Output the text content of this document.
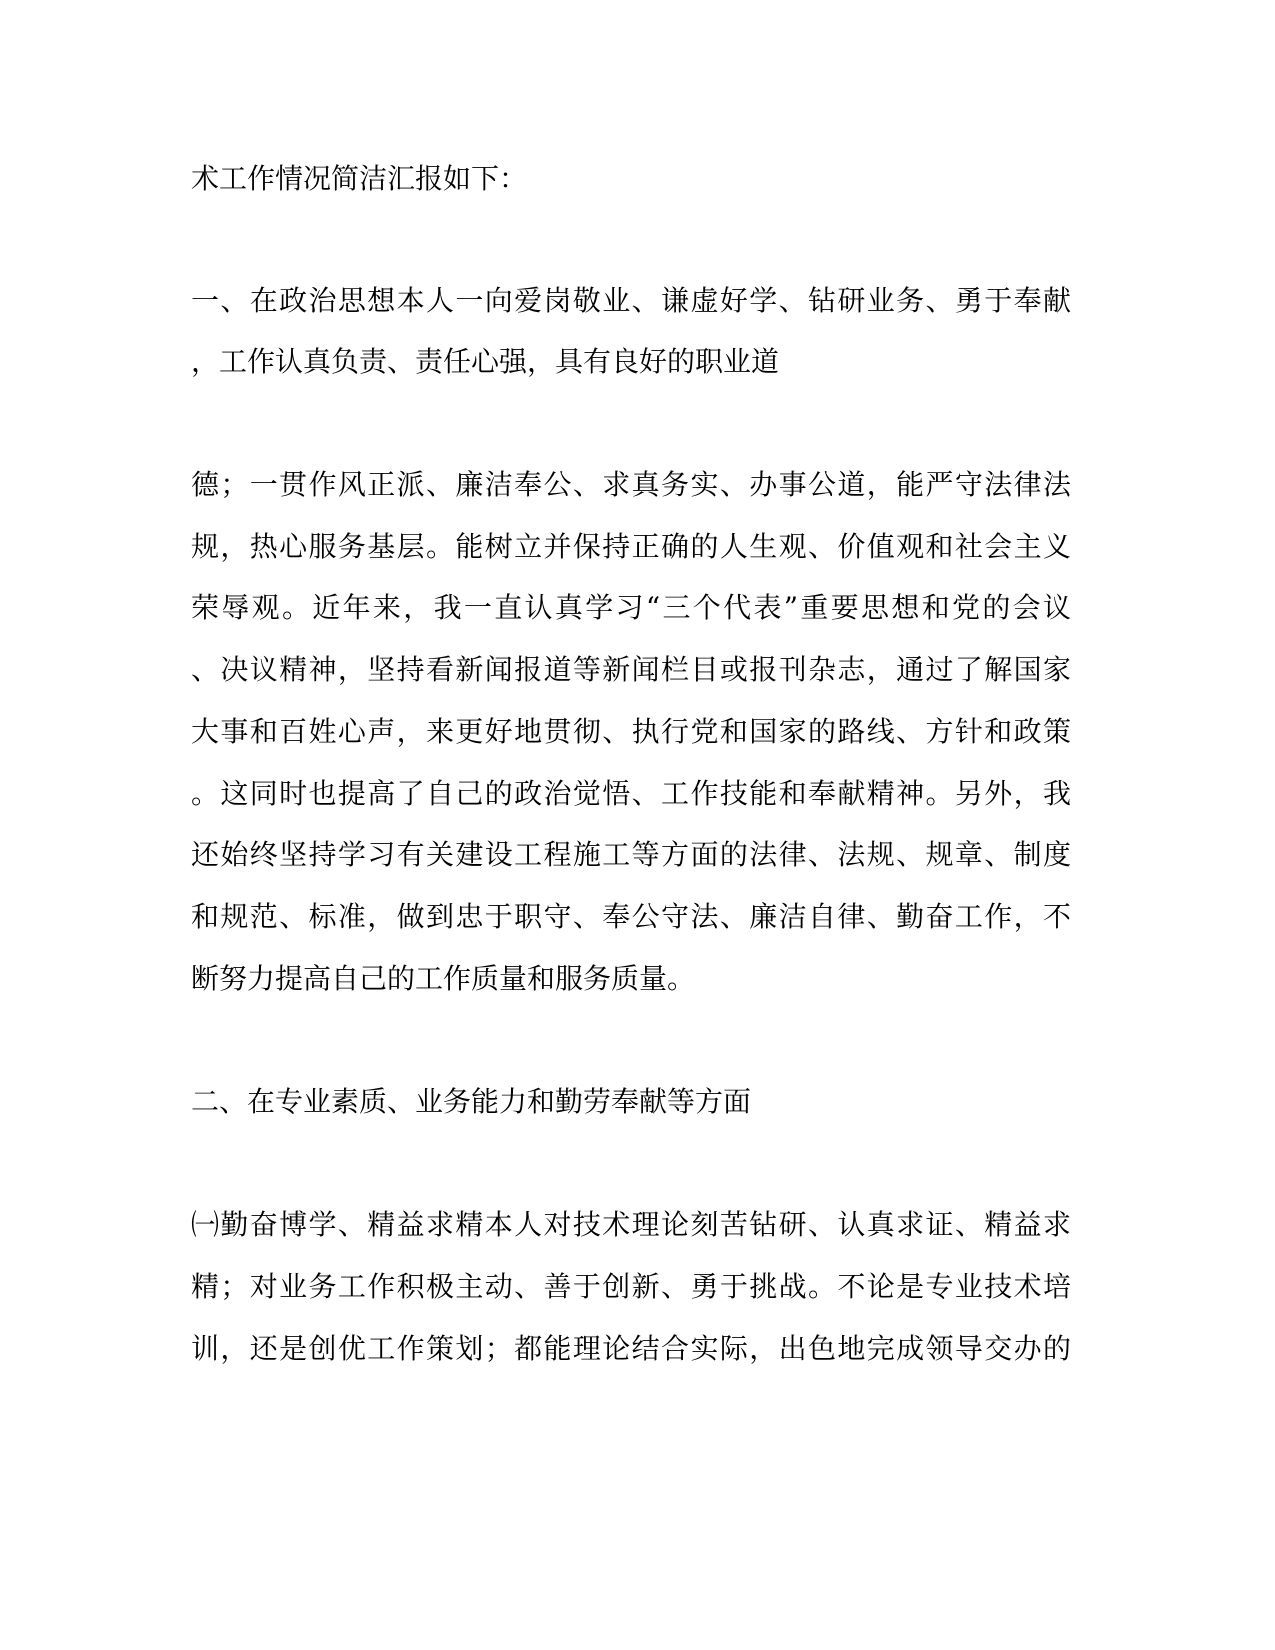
术工作情况简洁汇报如下：
一、在政治思想本人一向爱岗敬业、谦虚好学、钻研业务、勇于奉献
，工作认真负责、责任心强，具有良好的职业道
德；一贯作风正派、廉洁奉公、求真务实、办事公道，能严守法律法
规，热心服务基层。能树立并保持正确的人生观、价值观和社会主义
荣辱观。近年来，我一直认真学习“三个代表”重要思想和党的会议
、决议精神，坚持看新闻报道等新闻栏目或报刊杂志，通过了解国家
大事和百姓心声，来更好地贯彻、执行党和国家的路线、方针和政策
。这同时也提高了自己的政治觉悟、工作技能和奉献精神。另外，我
还始终坚持学习有关建设工程施工等方面的法律、法规、规章、制度
和规范、标准，做到忠于职守、奉公守法、廉洁自律、勤奋工作，不
断努力提高自己的工作质量和服务质量。
二、在专业素质、业务能力和勤劳奉献等方面
㈠勤奋博学、精益求精本人对技术理论刻苦钻研、认真求证、精益求
精；对业务工作积极主动、善于创新、勇于挑战。不论是专业技术培
训，还是创优工作策划；都能理论结合实际，出色地完成领导交办的
